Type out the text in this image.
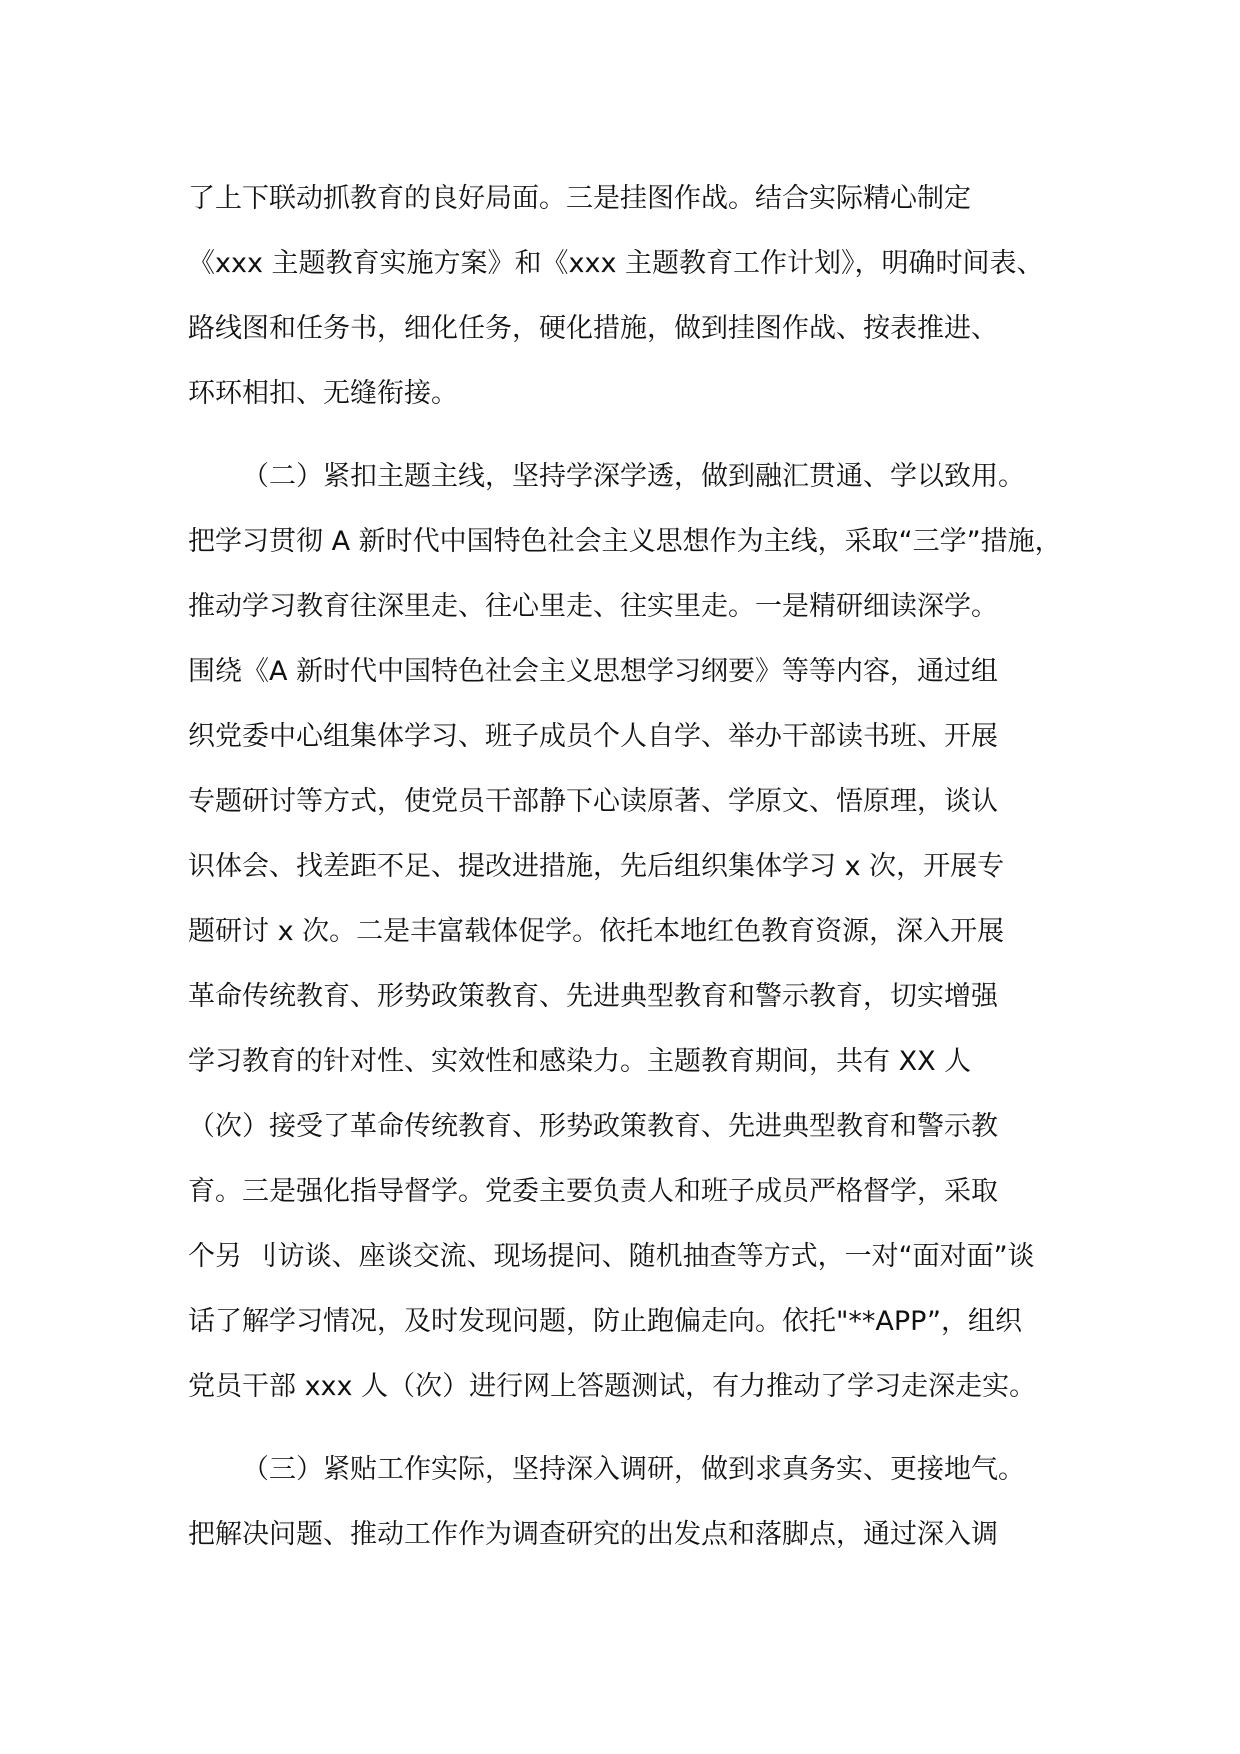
了上下联动抓教育的良好局面。三是挂图作战。结合实际精心制定
《xxx 主题教育实施方案》和《xxx 主题教育工作计划》，明确时间表、
路线图和任务书，细化任务，硬化措施，做到挂图作战、按表推进、
环环相扣、无缝衔接。
（二）紧扣主题主线，坚持学深学透，做到融汇贯通、学以致用。
把学习贯彻 A 新时代中国特色社会主义思想作为主线，采取“三学”措施，
推动学习教育往深里走、往心里走、往实里走。一是精研细读深学。
围绕《A 新时代中国特色社会主义思想学习纲要》等等内容，通过组
织党委中心组集体学习、班子成员个人自学、举办干部读书班、开展
专题研讨等方式，使党员干部静下心读原著、学原文、悟原理，谈认
识体会、找差距不足、提改进措施，先后组织集体学习 x 次，开展专
题研讨 x 次。二是丰富载体促学。依托本地红色教育资源，深入开展
革命传统教育、形势政策教育、先进典型教育和警示教育，切实增强
学习教育的针对性、实效性和感染力。主题教育期间，共有 XX 人
（次）接受了革命传统教育、形势政策教育、先进典型教育和警示教
育。三是强化指导督学。党委主要负责人和班子成员严格督学，采取
个另 刂访谈、座谈交流、现场提问、随机抽查等方式，一对“面对面”谈
话了解学习情况，及时发现问题，防止跑偏走向。依托"**APP”，组织
党员干部 xxx 人（次）进行网上答题测试，有力推动了学习走深走实。
（三）紧贴工作实际，坚持深入调研，做到求真务实、更接地气。
把解决问题、推动工作作为调查研究的出发点和落脚点，通过深入调
